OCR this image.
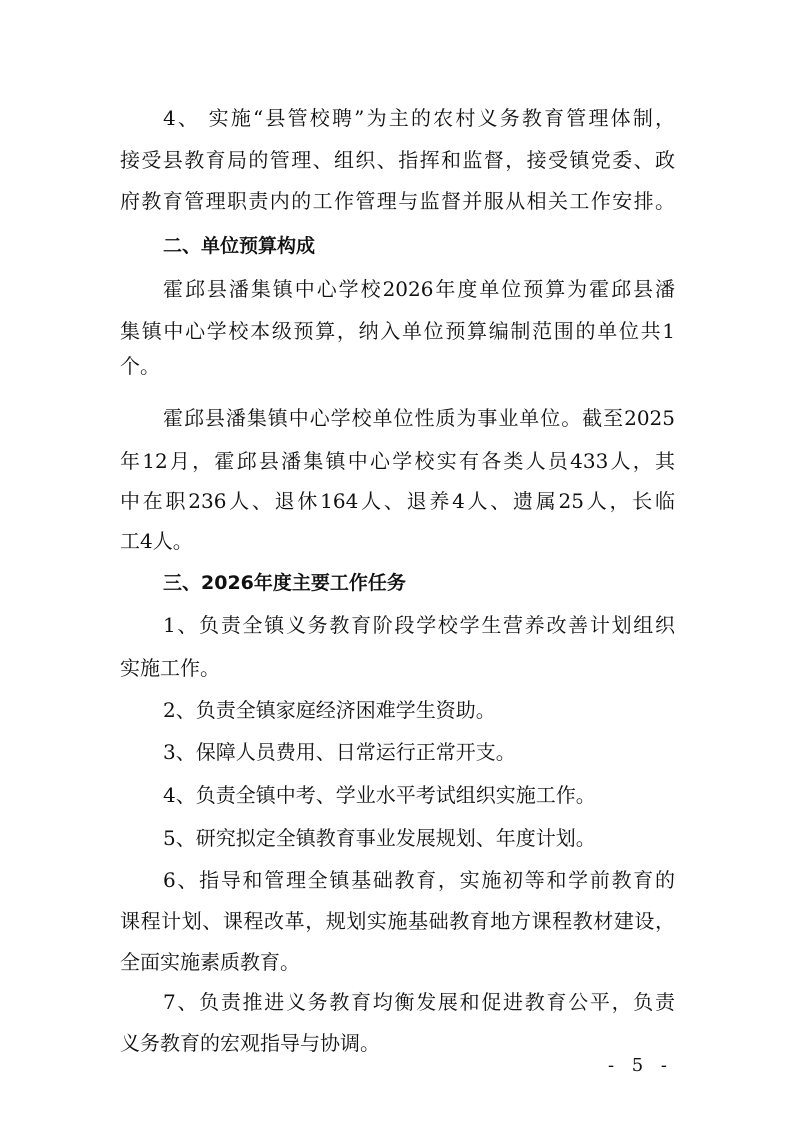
4、 实施“县管校聘”为主的农村义务教育管理体制，
接受县教育局的管理、组织、指挥和监督，接受镇党委、政
府教育管理职责内的工作管理与监督并服从相关工作安排。
二、单位预算构成
霍邱县潘集镇中心学校2026年度单位预算为霍邱县潘
集镇中心学校本级预算，纳入单位预算编制范围的单位共1
个。
霍邱县潘集镇中心学校单位性质为事业单位。截至2025
年12月，霍邱县潘集镇中心学校实有各类人员433人，其
中在职236人、退休164人、退养4人、遗属25人，长临
工4人。
三、2026年度主要工作任务
1、负责全镇义务教育阶段学校学生营养改善计划组织
实施工作。
2、负责全镇家庭经济困难学生资助。
3、保障人员费用、日常运行正常开支。
4、负责全镇中考、学业水平考试组织实施工作。
5、研究拟定全镇教育事业发展规划、年度计划。
6、指导和管理全镇基础教育，实施初等和学前教育的
课程计划、课程改革，规划实施基础教育地方课程教材建设，
全面实施素质教育。
7、负责推进义务教育均衡发展和促进教育公平，负责
义务教育的宏观指导与协调。
- 5 -
